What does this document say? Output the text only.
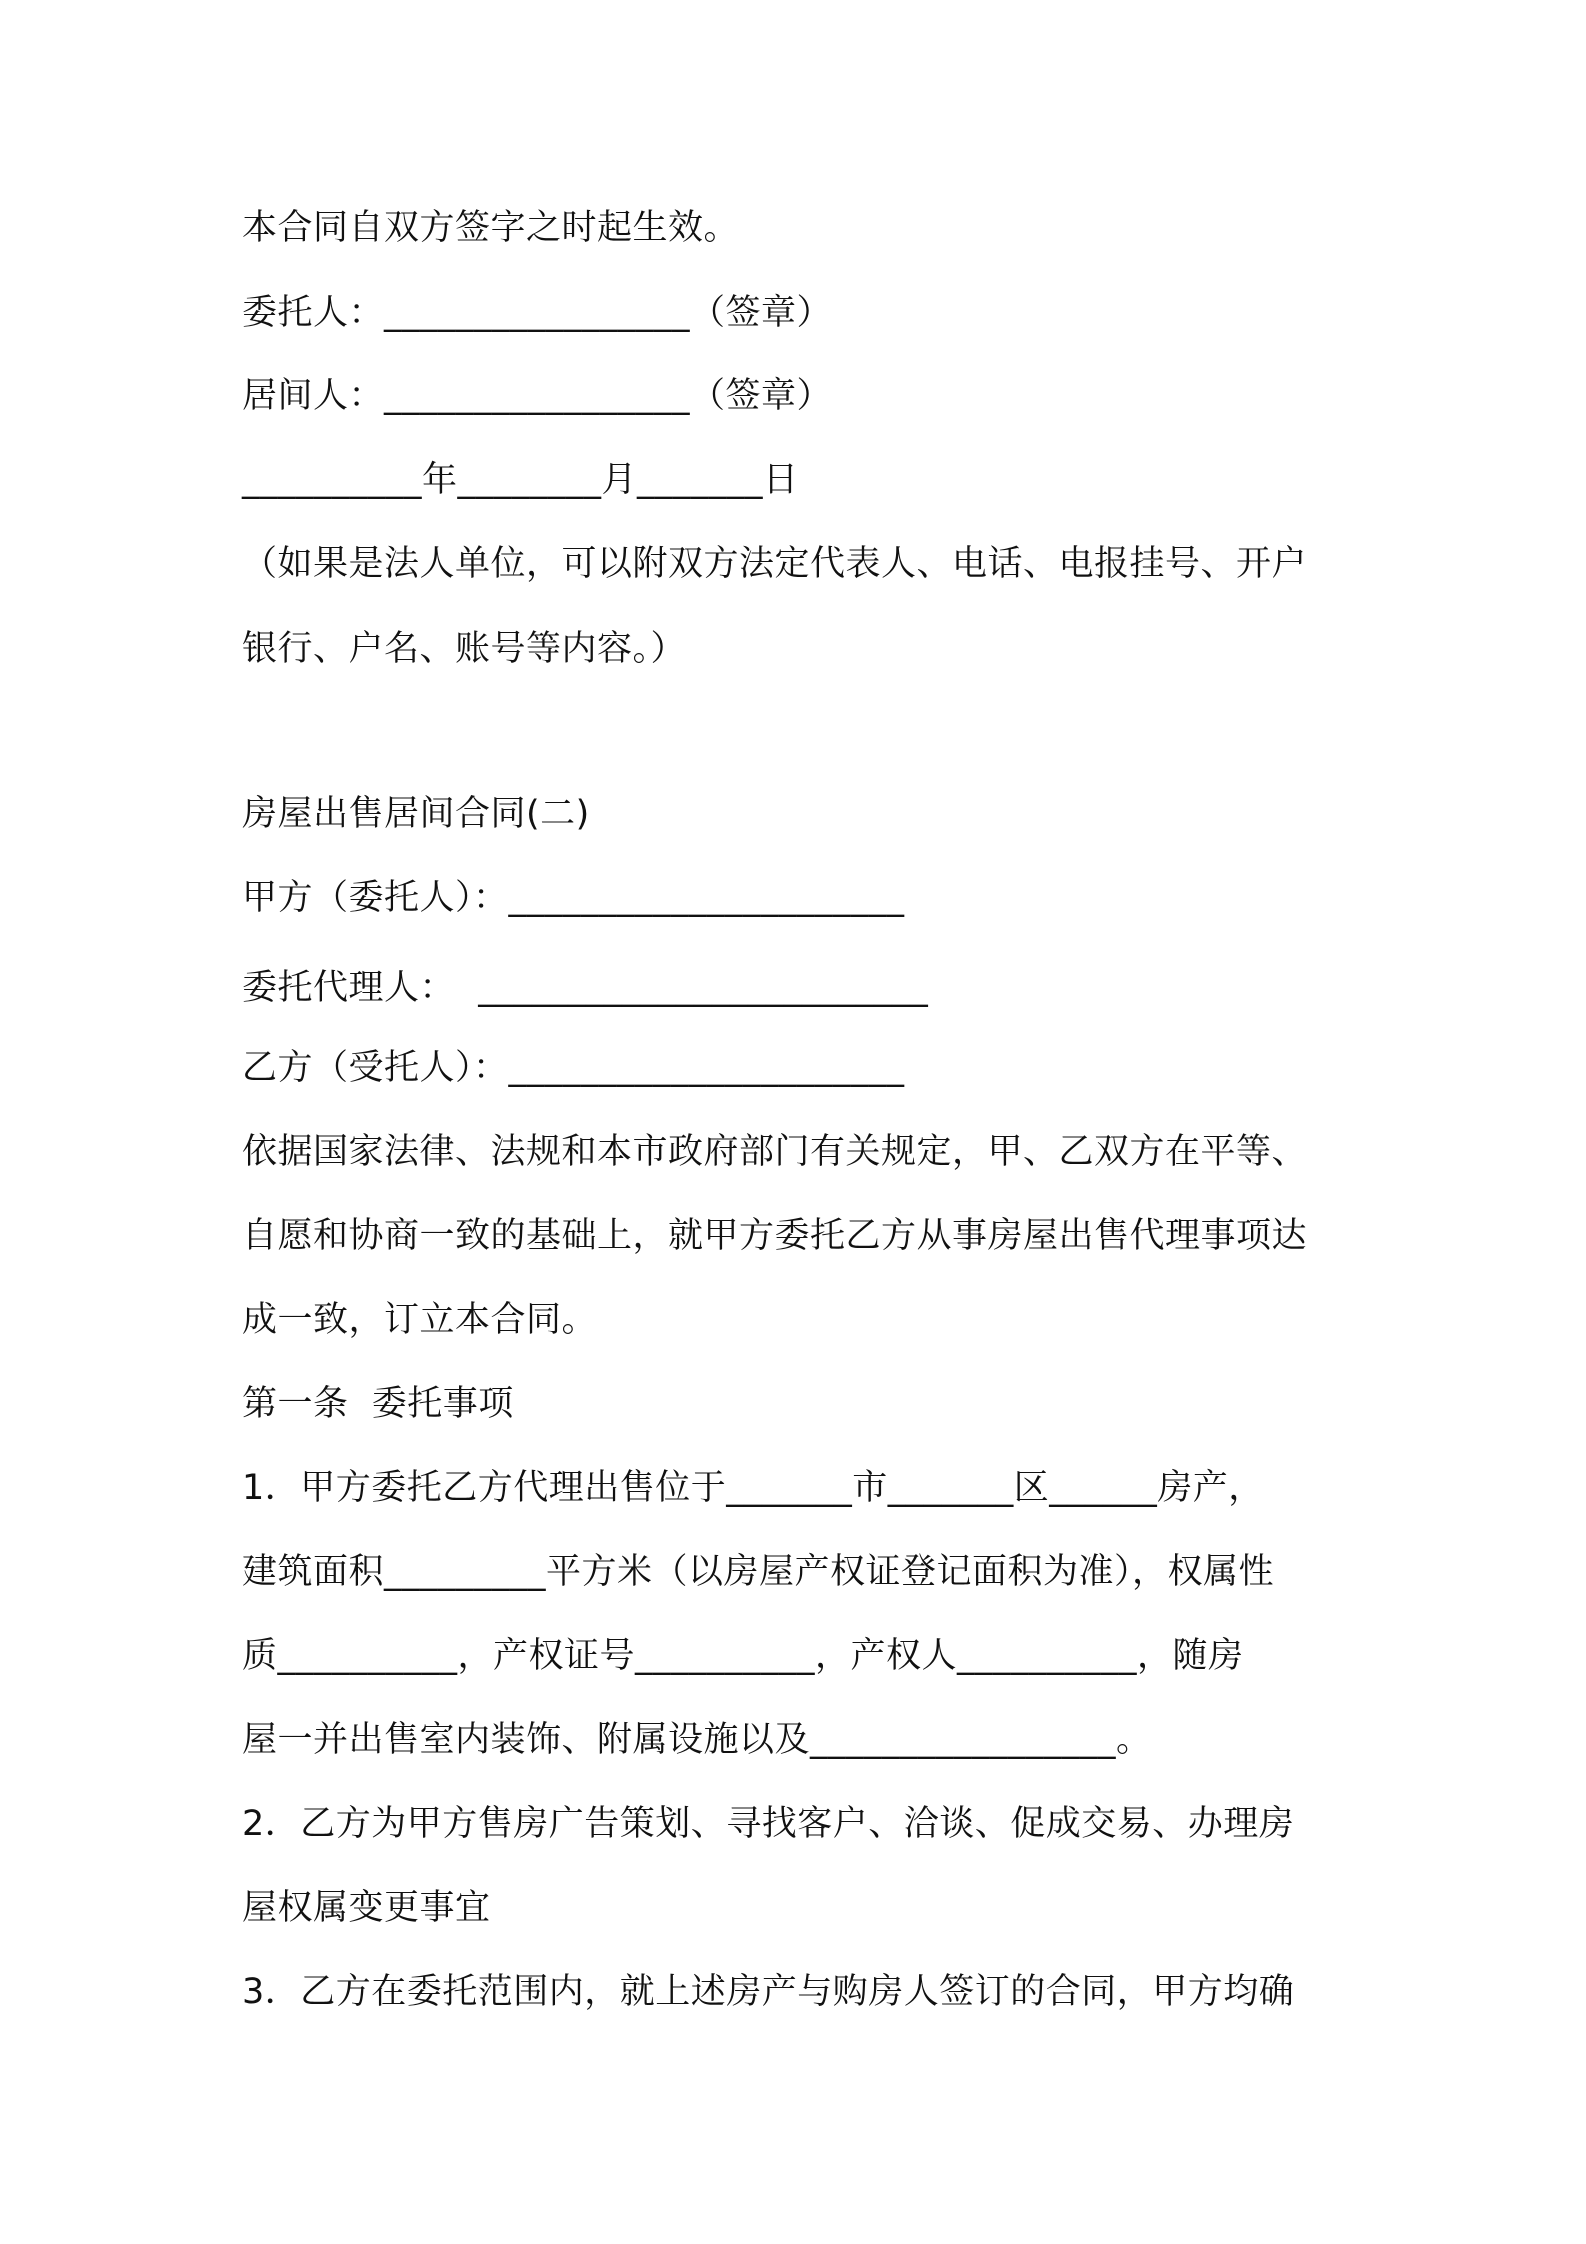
本合同自双方签字之时起生效。
委托人：_________________（签章）
居间人：_________________（签章）
__________年________月_______日
（如果是法人单位，可以附双方法定代表人、电话、电报挂号、开户
银行、户名、账号等内容。）
房屋出售居间合同(二)
甲方（委托人）：______________________
委托代理人：  _________________________
乙方（受托人）：______________________
依据国家法律、法规和本市政府部门有关规定，甲、乙双方在平等、
自愿和协商一致的基础上，就甲方委托乙方从事房屋出售代理事项达
成一致，订立本合同。
第一条  委托事项
1．甲方委托乙方代理出售位于_______市_______区______房产，
建筑面积_________平方米（以房屋产权证登记面积为准），权属性
质__________，产权证号__________，产权人__________，随房
屋一并出售室内装饰、附属设施以及_________________。
2．乙方为甲方售房广告策划、寻找客户、洽谈、促成交易、办理房
屋权属变更事宜
3．乙方在委托范围内，就上述房产与购房人签订的合同，甲方均确
